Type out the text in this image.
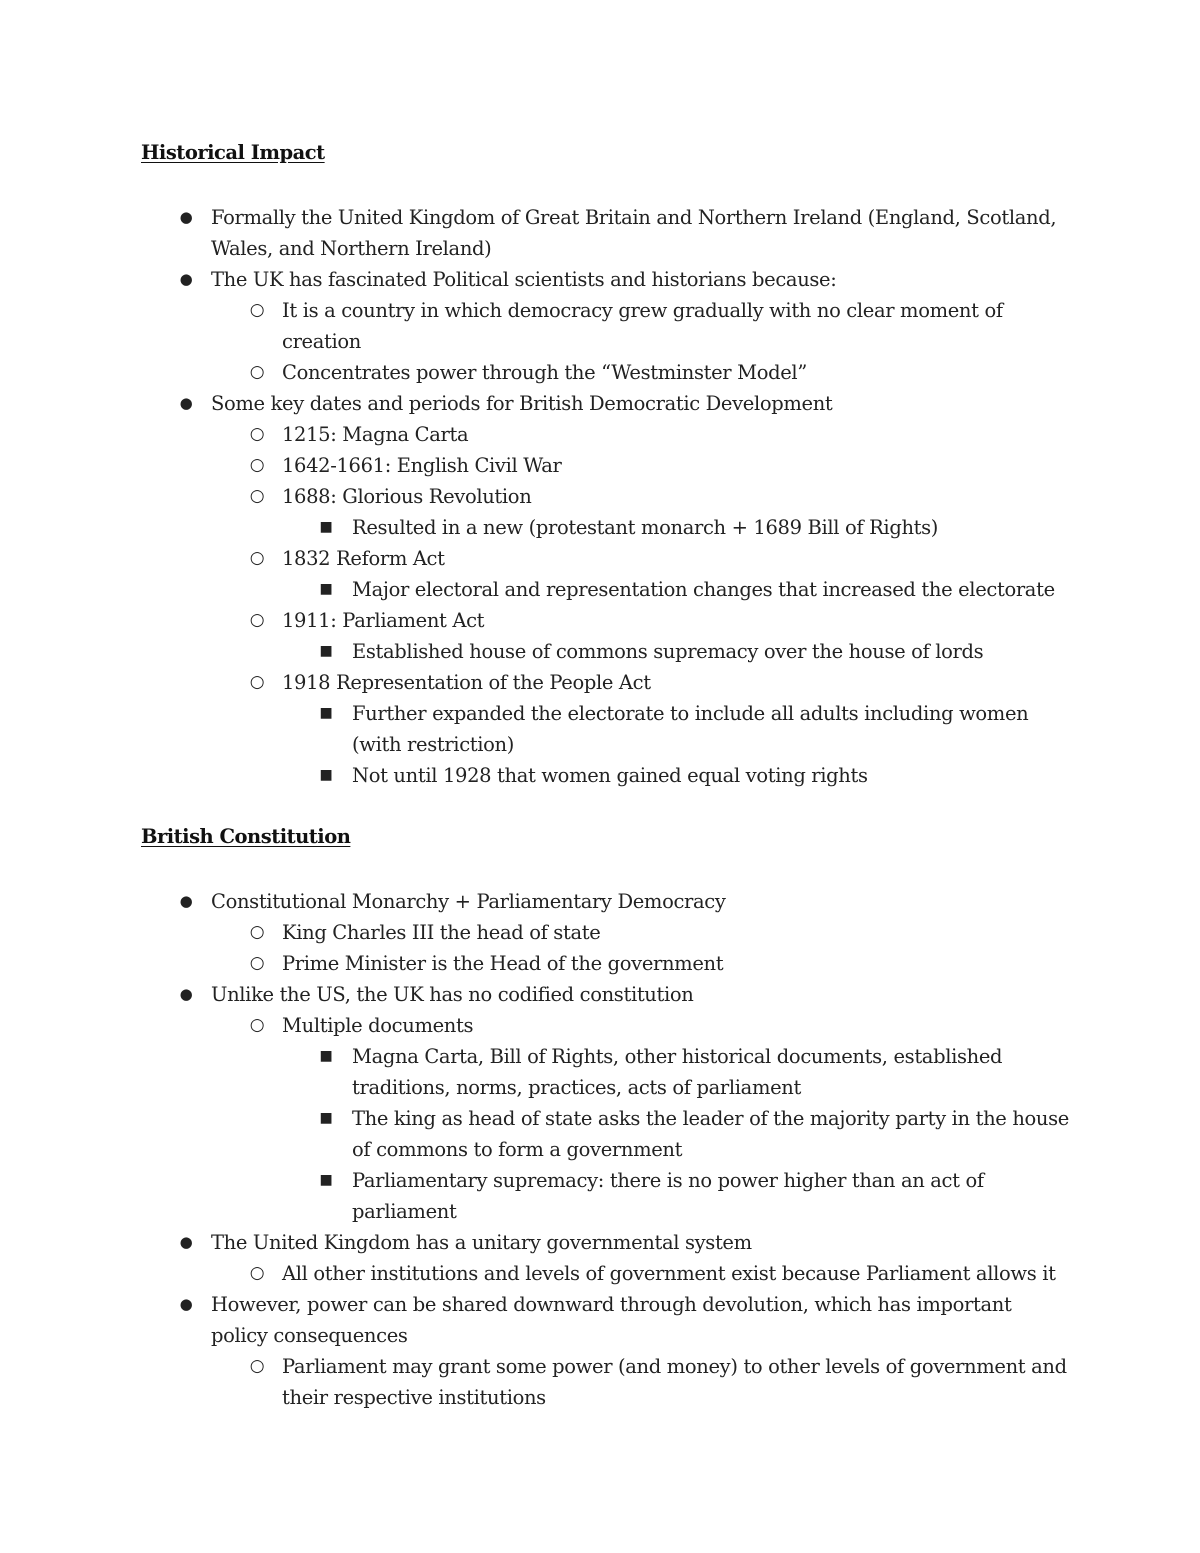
Historical Impact
● Formally the United Kingdom of Great Britain and Northern Ireland (England, Scotland, Wales, and Northern Ireland)
● The UK has fascinated Political scientists and historians because:
○ It is a country in which democracy grew gradually with no clear moment of creation
○ Concentrates power through the “Westminster Model”
● Some key dates and periods for British Democratic Development
○ 1215: Magna Carta
○ 1642-1661: English Civil War
○ 1688: Glorious Revolution
■ Resulted in a new (protestant monarch + 1689 Bill of Rights)
○ 1832 Reform Act
■ Major electoral and representation changes that increased the electorate
○ 1911: Parliament Act
■ Established house of commons supremacy over the house of lords
○ 1918 Representation of the People Act
■ Further expanded the electorate to include all adults including women (with restriction)
■ Not until 1928 that women gained equal voting rights
British Constitution
● Constitutional Monarchy + Parliamentary Democracy
○ King Charles III the head of state
○ Prime Minister is the Head of the government
● Unlike the US, the UK has no codified constitution
○ Multiple documents
■ Magna Carta, Bill of Rights, other historical documents, established traditions, norms, practices, acts of parliament
■ The king as head of state asks the leader of the majority party in the house of commons to form a government
■ Parliamentary supremacy: there is no power higher than an act of parliament
● The United Kingdom has a unitary governmental system
○ All other institutions and levels of government exist because Parliament allows it
● However, power can be shared downward through devolution, which has important policy consequences
○ Parliament may grant some power (and money) to other levels of government and their respective institutions
